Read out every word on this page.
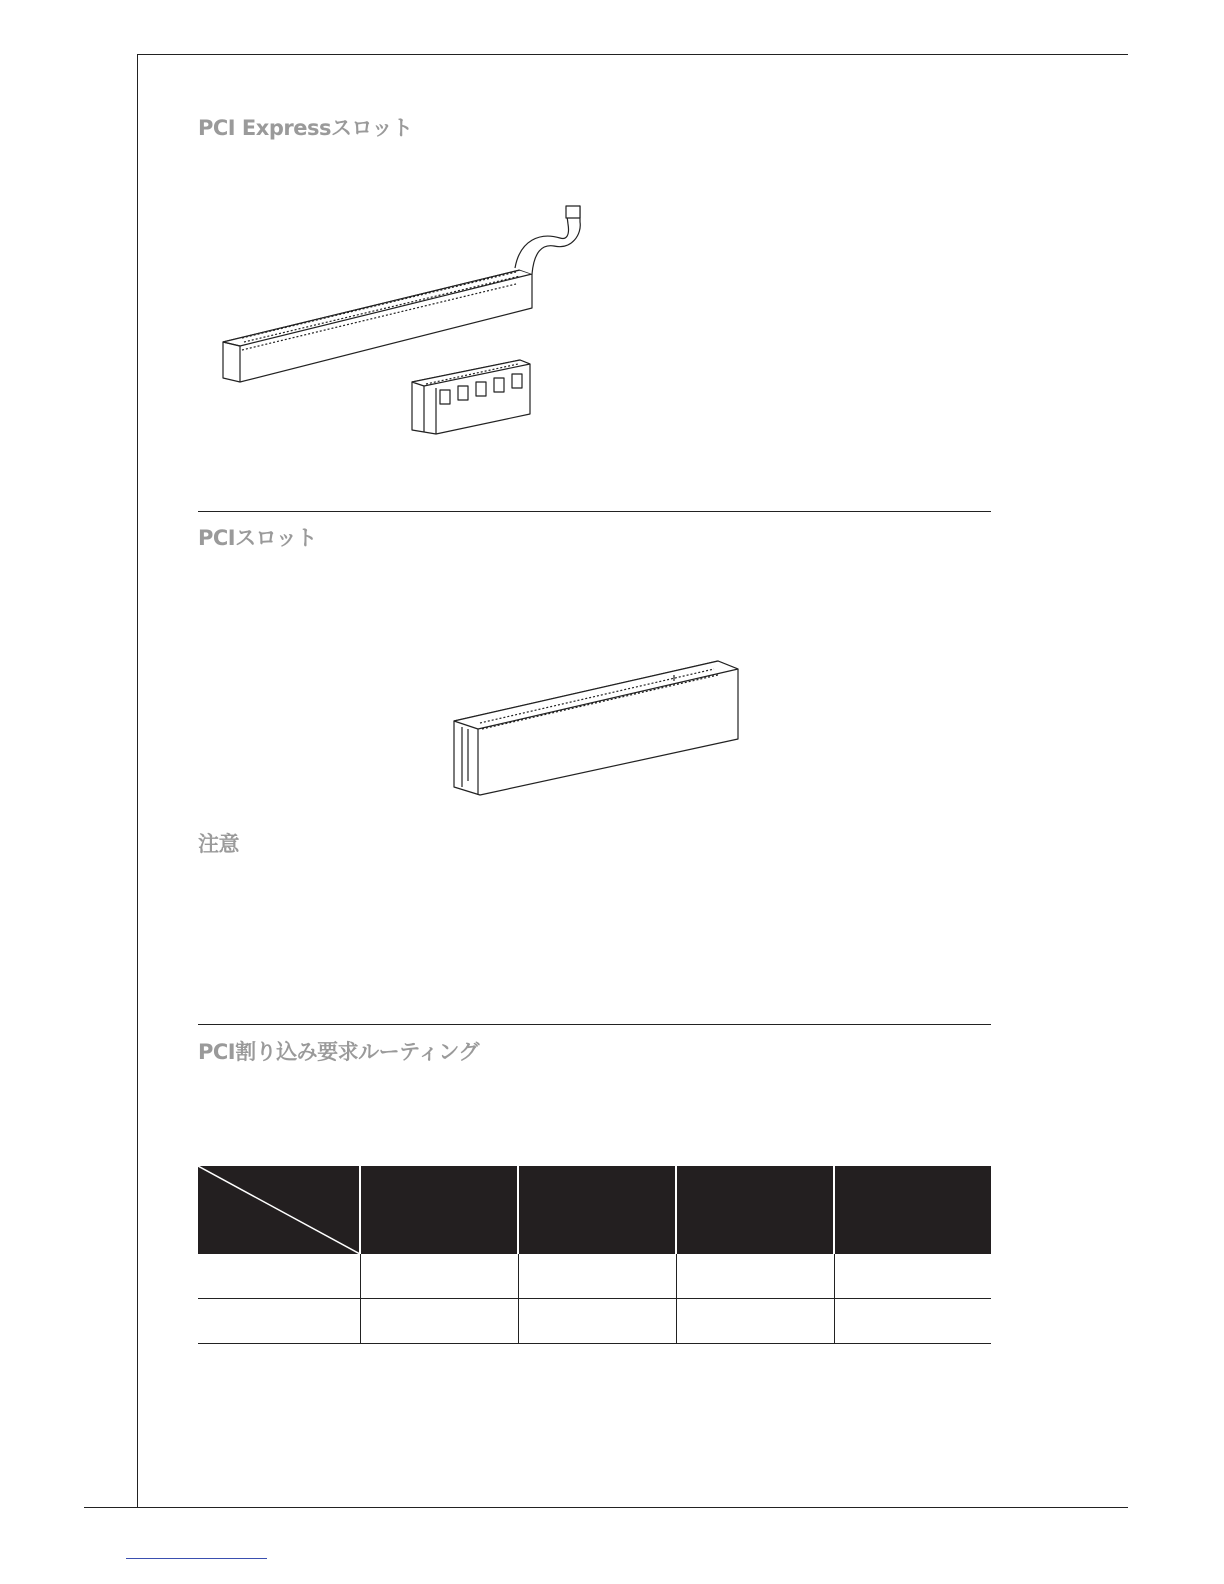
PCI Expressスロット
PCIスロット
注意
PCI割り込み要求ルーティング
